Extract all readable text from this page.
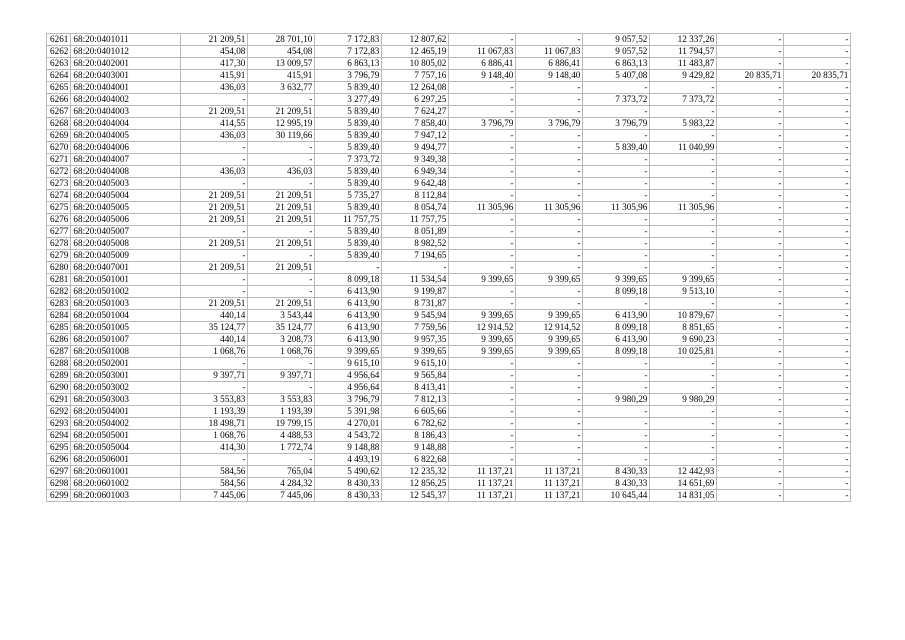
6261	68:20:0401011	21 209,51	28 701,10	7 172,83	12 807,62	-	-	9 057,52	12 337,26	-	-
6262	68:20:0401012	454,08	454,08	7 172,83	12 465,19	11 067,83	11 067,83	9 057,52	11 794,57	-	-
6263	68:20:0402001	417,30	13 009,57	6 863,13	10 805,02	6 886,41	6 886,41	6 863,13	11 483,87	-	-
6264	68:20:0403001	415,91	415,91	3 796,79	7 757,16	9 148,40	9 148,40	5 407,08	9 429,82	20 835,71	20 835,71
6265	68:20:0404001	436,03	3 632,77	5 839,40	12 264,08	-	-	-	-	-	-
6266	68:20:0404002	-	-	3 277,49	6 297,25	-	-	7 373,72	7 373,72	-	-
6267	68:20:0404003	21 209,51	21 209,51	5 839,40	7 624,27	-	-	-	-	-	-
6268	68:20:0404004	414,55	12 995,19	5 839,40	7 858,40	3 796,79	3 796,79	3 796,79	5 983,22	-	-
6269	68:20:0404005	436,03	30 119,66	5 839,40	7 947,12	-	-	-	-	-	-
6270	68:20:0404006	-	-	5 839,40	9 494,77	-	-	5 839,40	11 040,99	-	-
6271	68:20:0404007	-	-	7 373,72	9 349,38	-	-	-	-	-	-
6272	68:20:0404008	436,03	436,03	5 839,40	6 949,34	-	-	-	-	-	-
6273	68:20:0405003	-	-	5 839,40	9 642,48	-	-	-	-	-	-
6274	68:20:0405004	21 209,51	21 209,51	5 735,27	8 112,84	-	-	-	-	-	-
6275	68:20:0405005	21 209,51	21 209,51	5 839,40	8 054,74	11 305,96	11 305,96	11 305,96	11 305,96	-	-
6276	68:20:0405006	21 209,51	21 209,51	11 757,75	11 757,75	-	-	-	-	-	-
6277	68:20:0405007	-	-	5 839,40	8 051,89	-	-	-	-	-	-
6278	68:20:0405008	21 209,51	21 209,51	5 839,40	8 982,52	-	-	-	-	-	-
6279	68:20:0405009	-	-	5 839,40	7 194,65	-	-	-	-	-	-
6280	68:20:0407001	21 209,51	21 209,51	-	-	-	-	-	-	-	-
6281	68:20:0501001	-	-	8 099,18	11 534,54	9 399,65	9 399,65	9 399,65	9 399,65	-	-
6282	68:20:0501002	-	-	6 413,90	9 199,87	-	-	8 099,18	9 513,10	-	-
6283	68:20:0501003	21 209,51	21 209,51	6 413,90	8 731,87	-	-	-	-	-	-
6284	68:20:0501004	440,14	3 543,44	6 413,90	9 545,94	9 399,65	9 399,65	6 413,90	10 879,67	-	-
6285	68:20:0501005	35 124,77	35 124,77	6 413,90	7 759,56	12 914,52	12 914,52	8 099,18	8 851,65	-	-
6286	68:20:0501007	440,14	3 208,73	6 413,90	9 957,35	9 399,65	9 399,65	6 413,90	9 690,23	-	-
6287	68:20:0501008	1 068,76	1 068,76	9 399,65	9 399,65	9 399,65	9 399,65	8 099,18	10 025,81	-	-
6288	68:20:0502001	-	-	9 615,10	9 615,10	-	-	-	-	-	-
6289	68:20:0503001	9 397,71	9 397,71	4 956,64	9 565,84	-	-	-	-	-	-
6290	68:20:0503002	-	-	4 956,64	8 413,41	-	-	-	-	-	-
6291	68:20:0503003	3 553,83	3 553,83	3 796,79	7 812,13	-	-	9 980,29	9 980,29	-	-
6292	68:20:0504001	1 193,39	1 193,39	5 391,98	6 605,66	-	-	-	-	-	-
6293	68:20:0504002	18 498,71	19 799,15	4 270,01	6 782,62	-	-	-	-	-	-
6294	68:20:0505001	1 068,76	4 488,53	4 543,72	8 186,43	-	-	-	-	-	-
6295	68:20:0505004	414,30	1 772,74	9 148,88	9 148,88	-	-	-	-	-	-
6296	68:20:0506001	-	-	4 493,19	6 822,68	-	-	-	-	-	-
6297	68:20:0601001	584,56	765,04	5 490,62	12 235,32	11 137,21	11 137,21	8 430,33	12 442,93	-	-
6298	68:20:0601002	584,56	4 284,32	8 430,33	12 856,25	11 137,21	11 137,21	8 430,33	14 651,69	-	-
6299	68:20:0601003	7 445,06	7 445,06	8 430,33	12 545,37	11 137,21	11 137,21	10 645,44	14 831,05	-	-
